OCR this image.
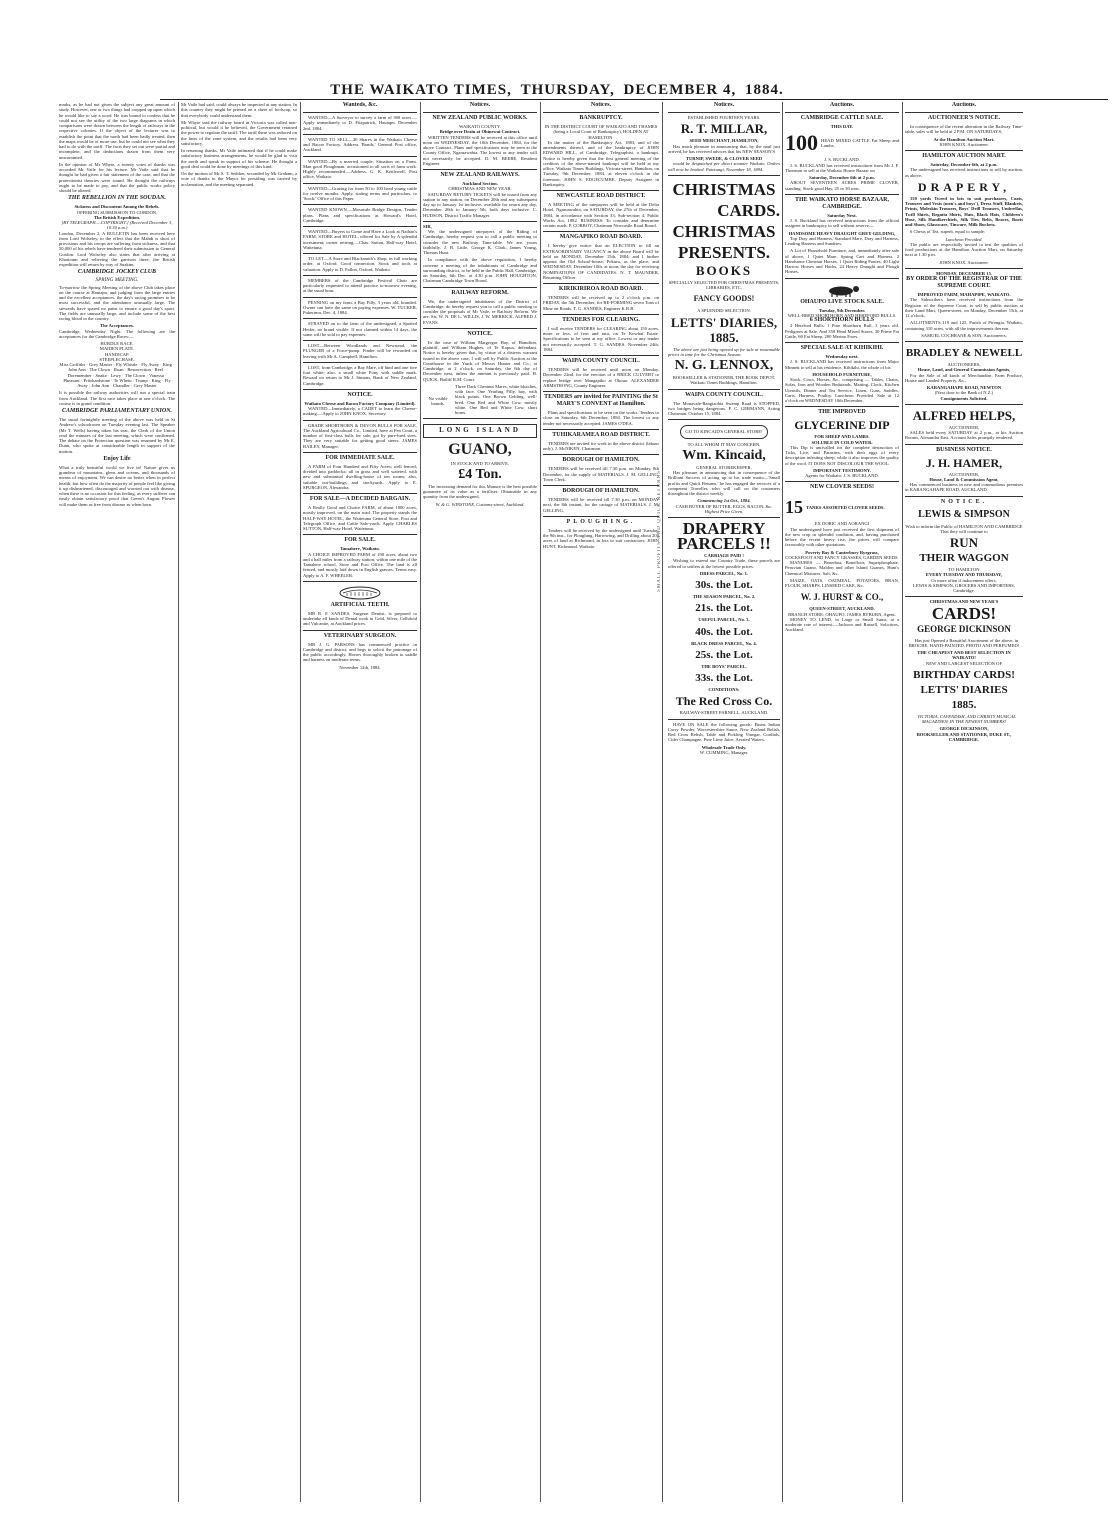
THE WAIKATO TIMES, THURSDAY, DECEMBER 4, 1884.

marks, as he had not given the subject any great amount of study. However, one or two things had cropped up upon which he would like to say a word. He was bound to confess that he could not see the utility of the two large diagrams in which comparisons were drawn between the length of railways in the respective colonies. If the object of the lecturer was to establish the point that the north had been badly treated, then the maps would be of more use, but he could not see what they had to do with the tariff. The facts they set out were partial and incomplete, and the deductions drawn from them very unwarranted.

In the opinion of Mr Whyte, a twenty votes of thanks was accorded Mr Vaile for his lecture. Mr Vaile said that he thought he had given a fair statement of the case, and that the protectionist theories were sound. He thought the railways ought to be made to pay, and that the public works policy should be altered.

THE REBELLION IN THE SOUDAN.
Sickness and Discontent Among the Rebels.
OFFERING SUBMISSION TO GORDON.
The British Expedition.
[BY TELEGRAPH.—COPYRIGHT.] (Received December 3, 10.30 a.m.)

London, December 2. A BULLETIN has been received here from Lord Wolseley, to the effect that the Mahdi is short of provisions and his troops are suffering from sickness, and that 50,000 of his rebels have tendered their submission to General Gordon. Lord Wolseley also states that after arriving at Khartoum and relieving the garrison there, the British expedition will return by way of Suakim.

CAMBRIDGE JOCKEY CLUB
SPRING MEETING.

To-morrow the Spring Meeting of the above Club takes place on the course at Hautapu, and judging from the large entries and the excellent acceptances, the day's racing promises to be most successful, and the attendance unusually large. The stewards have spared no pains to ensure a good day's sport. The fields are unusually large, and include some of the best racing blood in the country.

The Acceptances.

Cambridge, Wednesday Night. The following are the acceptances for the Cambridge Races:—

HURDLE RACE.
MAIDEN PLATE.
HANDICAP.
STEEPLECHASE.

Miss Griffiths · Grey Master · Fly Whistle · Fly Away · King · John Ann · The Clown · Roan · Resurrection · Reel · Doremember · Snake · Lewy · The Clown · Vanessa · Pheasant · Pritchardstone · Te Whetu · Trump · King · Fly Away · John Ann · Chandler · Grey Master

It is possible the railway authorities will run a special train from Auckland. The first race takes place at one o'clock. The course is in grand condition.

CAMBRIDGE PARLIAMENTARY UNION.

The usual fortnightly meeting of the above was held in St Andrew's schoolroom on Tuesday evening last. The Speaker (Mr T. Wells) having taken his seat, the Clerk of the Union read the minutes of the last meeting, which were confirmed. The debate on the Protection question was resumed by Mr E. Dunn, who spoke at considerable length in support of the motion.

Enjoy Life

What a truly beautiful world we live in! Nature gives us grandeur of mountains, glens and oceans, and thousands of means of enjoyment. We can desire no better when in perfect health; but how often do the majority of people feel like giving it up disheartened, discouraged and worried out with disease, when there is no occasion for this feeling, as every sufferer can easily obtain satisfactory proof that Green's August Flower will make them as free from disease as when born.

Mr Vaile had said, could always be inspected at any station. In this country they might be printed on a sheet of foolscap, so that everybody could understand them.

Mr Whyte said the railway board in Victoria was called non-political, but would it be believed, the Government retained the power to regulate the tariff. The tariff there was reduced on the lines of the zone system, and the results had been very satisfactory.

In returning thanks, Mr Vaile intimated that if he could make satisfactory business arrangements, he would be glad to visit the north and speak in support of his scheme. He thought a good deal could be done by meetings of this kind.

On the motion of Mr S. T. Seddon, seconded by Mr Graham, a vote of thanks to the Mayor for presiding was carried by acclamation, and the meeting separated.

Wanteds, &c.

WANTED—A Surveyor to survey a farm of 300 acres.—Apply immediately to D. Fitzpatrick, Hautapu. December 2nd, 1884.

WANTED TO SELL—30 Shares in the Waikato Cheese and Bacon Factory. Address 'Bonds,' General Post office, Auckland.

WANTED—By a married couple, Situation on a Farm. Man good Ploughman, accustomed to all sorts of farm work. Highly recommended.—Address, G. K. Kettlewell, Post office, Waikato.

WANTED—Grazing for from 50 to 100 head young cattle for twelve months. Apply, stating terms and particulars, to 'Stock,' Office of this Paper.

WANTED KNOWN.—Mosavale Bridge Designs. Tender plans. Plans and specifications at Howard's Hotel, Cambridge.

WANTED—Buyers to Come and Have a Look at Nathan's FARM, STORE and HOTEL, offered for Sale by A splendid investment; owner retiring.—Chas. Sutton, Half-way Hotel, Waitetuna.

TO LET—A Store and Blacksmith's Shop, in full working order, at Oxford. Good connection. Stock and tools at valuation. Apply to D. Fallon, Oxford, Waikato.

MEMBERS of the Cambridge Festival Choir are particularly requested to attend practice to-morrow evening, at the usual hour.

PENNING on my farm, a Bay Filly, 3 years old, branded. Owner can have the same on paying expenses. W. TUCKER, Pukerimu, Dec. 4, 1884.

STRAYED on to the farm of the undersigned, a Spotted Heifer, no brand visible. If not claimed within 14 days, the same will be sold to pay expenses.

LOST—Between Woodlands and Newstead, the PLUNGER of a Force-pump. Finder will be rewarded on leaving with Mr A. Campbell, Hamilton.

LOST, from Cambridge, a Bay Mare, off hind and one fore foot white; also, a small white Pony with saddle mark. Reward on return to Mr J. Simons, Bank of New Zealand, Cambridge.

NOTICE.
Waikato Cheese and Bacon Factory Company (Limited).

WANTED—Immediately, a CADET to learn the Cheese-making.—Apply to JOHN KNOX, Secretary.

GRADE SHORTHORN & DEVON BULLS FOR SALE. The Auckland Agricultural Co., Limited, have at Fen Court, a number of first-class bulls for sale, got by pure-bred sires. They are very suitable for getting good steers. JAMES BAILEY, Manager.

FOR IMMEDIATE SALE.

A FARM of Four Hundred and Fifty Acres; well fenced; divided into paddocks; all in grass and well watered, with new and substantial dwelling-house of ten rooms; also, suitable out-buildings and stockyards. Apply to E. SPURGEON, Alexandra.

FOR SALE—A DECIDED BARGAIN.

A Really Good and Choice FARM, of about 1000 acres, mostly improved, on the main road. The property stands the HALF-WAY HOTEL, the Waitetuna General Store, Post and Telegraph Office, and Cattle Sale-yards. Apply CHARLES SUTTON, Half-way Hotel, Waitetuna.

FOR SALE.
Tamahere, Waikato.

A CHOICE IMPROVED FARM of 190 acres, about two and a half miles from a railway station, within one mile of the Tamahere school, Store and Post Office. The land is all fenced, and mostly laid down in English grasses. Terms easy. Apply to A. F. WHEELER.

ARTIFICIAL TEETH.

MR R. F. SANDES, Surgeon Dentist, is prepared to undertake all kinds of Dental work in Gold, Silver, Celluloid and Vulcanite, at Auckland prices.

VETERINARY SURGEON.

MR J. G. PARSONS has commenced practice in Cambridge and district, and begs to solicit the patronage of the public accordingly. Horses thoroughly broken to saddle and harness on moderate terms.

November 12th, 1884.
Notices.
NEW ZEALAND PUBLIC WORKS.
WAIKATO COUNTY.
Bridge over Drain at Ohinewai Contract.

WRITTEN TENDERS will be received at this office until noon on WEDNESDAY, the 10th December, 1884, for the above Contract. Plans and specifications may be seen at the County Office, Ngaruawahia. The lowest or any tender will not necessarily be accepted. D. M. BEERE, Resident Engineer.

NEW ZEALAND RAILWAYS.
Auckland Section.
CHRISTMAS AND NEW YEAR.

SATURDAY RETURN TICKETS will be issued from any station to any station, on December 20th and any subsequent day up to January 1st inclusive, available for return any day, December 26th to January 5th, both days inclusive. C. HUDSON, District Traffic Manager.

SIR,

We, the undersigned ratepayers of the Riding of Cambridge, hereby request you to call a public meeting to consider the new Railway Time-table. We are, yours faithfully. J. B. Little, George K. Clark, James Young, Thomas Hunt.

In compliance with the above requisition, I hereby convene a meeting of the inhabitants of Cambridge and surrounding district, to be held in the Public Hall, Cambridge, on Saturday, 6th Dec. at 4.30 p.m. JOHN HOUGHTON, Chairman Cambridge Town Board.

RAILWAY REFORM.

We, the undersigned inhabitants of the District of Cambridge, do hereby request you to call a public meeting to consider the proposals of Mr Vaile, re Railway Reform. We are, Sir, W. N. DE L. WILLIS, J. W. MERRICK, ALFRED J. EVANS.

NOTICE.

In the case of William Margregor Hay, of Hamilton, plaintiff, and William Hughes, of Te Kopua, defendant. Notice is hereby given that, by virtue of a distress warrant issued in the above case, I will sell by Public Auction at the Courthouse in the Yards of Messrs Hunter and Co., at Cambridge, at 2 o'clock, on Saturday, the 6th day of December next, unless the amount is previously paid. H. QUICK, Bailiff R.M. Court.

No visible brands.
Three Dark Chestnut Mares, white blotches, with face. One Yearling Filly, bay, with black points. One Brown Gelding, well-bred. One Red and White Cow, mostly white. One Red and White Cow; short horns.
LONG ISLAND
GUANO,
IN STOCK AND TO ARRIVE.
£4 Ton.

The increasing demand for this Manure is the best possible guarantee of its value as a fertiliser. Obtainable in any quantity from the undersigned,

W. & G. WINSTONE, Customs-street, Auckland.
Notices.
BANKRUPTCY.
IN THE DISTRICT COURT OF WAIKATO AND THAMES (being a Local Court of Bankruptcy), HOLDEN AT HAMILTON.

In the matter of the Bankruptcy Act, 1883, and of the amendments thereof, and of the bankruptcy of JOHN EDWARD HILL, of Cambridge, Telegraphist, a bankrupt. Notice is hereby given that the first general meeting of the creditors of the above-named bankrupt will be held at my office, Waikato Times Buildings, Victoria-street, Hamilton, on Tuesday, 9th December, 1884, at eleven o'clock in the forenoon. JOHN S. EDGECUMBE, Deputy Assignee in Bankruptcy.

NEWCASTLE ROAD DISTRICT.

A MEETING of the ratepayers will be held at the Delta Hotel, Ngaruawahia, on SATURDAY, the 27th of December, 1884, in accordance with Section 33, Sub-section 4, Public Works Act, 1882. BUSINESS: To consider and determine certain roads. P. CORBOY, Chairman Newcastle Road Board.

MANGAPIKO ROAD BOARD.

I hereby give notice that an ELECTION to fill an EXTRAORDINARY VACANCY in the above Board will be held on MONDAY, December 15th, 1884; and I further appoint the Old School-house, Pokuru, as the place, and WEDNESDAY, December 10th, at noon, the day for receiving NOMINATIONS OF CANDIDATES. N. T. MAUNDER, Returning Officer.

KIRIKIRIROA ROAD BOARD.

TENDERS will be received up to 2 o'clock p.m. on FRIDAY, the 5th December, for RE-FORMING seven Tons of Mine on Roads. T. G. SANDES, Engineer K.R.B.

TENDERS FOR CLEARING.

I will receive TENDERS for CLEARING about 150 acres, more or less, of fern and tutu, on Te Kowhai Estate. Specifications to be seen at my office. Lowest or any tender not necessarily accepted. T. G. SANDES. November 24th, 1884.

WAIPA COUNTY COUNCIL.

TENDERS will be received until noon on Monday, December 22nd, for the erection of a BRICK CULVERT to replace bridge over Mangapiko at Okouo. ALEXANDER ARMSTRONG, County Engineer.

TENDERS are invited for PAINTING the St MARY'S CONVENT at Hamilton.

Plans and specifications to be seen on the works. Tenders to close on Saturday, 6th December, 1884. The lowest or any tender not necessarily accepted. JAMES O'DEA.

TUHIKARAMEA ROAD DISTRICT.

TENDERS are invited for work in the above district (labour only). J. McNIKEN, Chairman.

BOROUGH OF HAMILTON.

TENDERS will be received till 7.30 p.m. on Monday, 8th December, for the supply of MATERIALS. J. M. GELLING, Town Clerk.

BOROUGH OF HAMILTON.

TENDERS will be received till 7.30 p.m. on MONDAY next, the 8th instant, for the cartage of MATERIALS. J. M. GELLING.

PLOUGHING.

Tenders will be received by the undersigned until Tuesday, the 9th inst., for Ploughing, Harrowing, and Drilling about 200 acres of land at Richmond, in lots to suit contractors. JOHN HUNT, Richmond, Waikato.

Notices.
ESTABLISHED FOURTEEN YEARS.
R. T. MILLAR,
SEED MERCHANT, HAMILTON,

Has much pleasure in announcing that, by the mail just arrived, he has received advices that his NEW SEASON'S

TURNIP, SWEDE, & CLOVER SEED

would be despatched per direct steamer Waikato. Orders will now be booked. Patetangi, November 18, 1884.

CHRISTMAS
CARDS.
CHRISTMAS
PRESENTS.
BOOKS
SPECIALLY SELECTED FOR CHRISTMAS PRESENTS, LIBRARIES, ETC.
FANCY GOODS!
A SPLENDID SELECTION.
LETTS' DIARIES,
1885.

The above are just being opened up for sale at reasonable prices in time for the Christmas Season.

N. G. LENNOX,
BOOKSELLER & STATIONER, THE BOOK DEPOT, Waikato Times Buildings, Hamilton.
WAIPA COUNTY COUNCIL.

The Monavale-Rangiaohia Swamp Road is STOPPED, two bridges being dangerous. F. C. GERMANN, Acting Chairman. October 15, 1884.

GO TO KINCAID'S GENERAL STORE!
TO ALL WHOM IT MAY CONCERN.
Wm. Kincaid,
GENERAL STOREKEEPER,

Has pleasure in announcing that in consequence of the Brilliant Success of acting up to his trade motto—'Small profits and Quick Returns,' he has engaged the services of a competent Traveller, who will call on the customers throughout the district weekly.

Commencing 1st Oct., 1884.
CASH BUYER OF BUTTER, EGGS, BACON, &c.
Highest Price Given.
DRAPERY
PARCELS !!
CARRIAGE PAID !

Wishing to extend our Country Trade, these parcels are offered to settlers at the lowest possible prices.

DRESS PARCEL, No. 1.
30s. the Lot.
THE SEASON PARCEL, No. 2.
21s. the Lot.
USEFUL PARCEL, No. 3.
40s. the Lot.
BLACK DRESS PARCEL, No. 4.
25s. the Lot.
THE BOYS' PARCEL.
33s. the Lot.
CONDITIONS:
The Red Cross Co.
RAILWAY-STREET PARNELL, AUCKLAND.

HAVE ON SALE the following goods: Finest Indian Curry Powder, Worcestershire Sauce, New Zealand Relish, Red Cross Relish, Table and Pickling Vinegar, Cordials, Cider Champagne, Pure Lime Juice, Aerated Waters.

Wholesale Trade Only.
W. CUMMING, Manager.
SMALL PROFITS AND QUICK RETURNS
Auctions.
CAMBRIDGE CATTLE SALE.
THIS DAY.
100 HEAD MIXED CATTLE Fat Sheep and Lambs.
J. S. BUCKLAND.

J. S. BUCKLAND has received instructions from Mr J. F. Thomson to sell at the Waikato House Bazaar on

Saturday, December 6th at 2 p.m.

ABOUT SEVENTEEN ACRES PRIME CLOVER, standing. Stock good Hay, 25 or 30 tons.

THE WAIKATO HORSE BAZAAR, CAMBRIDGE.
Saturday Next.

J. S. Buckland has received instructions from the official assignee in bankruptcy to sell without reserve—

HANDSOME HEAVY DRAUGHT GREY GELDING,

Top Dray and Harness, Standard Mare, Dray and Harness, Leading Harness and Sundries.

A Lot of Household Furniture, and, immediately after sale of above, 1 Quiet Mare, Spring Cart and Harness. 2 Handsome Chestnut Horses, 1 Quiet Riding Ponies, 40 Light Harrow Horses and Hacks, 24 Heavy Draught and Plough Horses.

OHAUPO LIVE STOCK SALE.
Tuesday, 9th December.
WELL-BRED SHORTHORN AND HEREFORD BULLS.
6 SHORTHORN BULLS

2 Hereford Bulls. 1 Pure Shorthorn Bull, 3 years old. Pedigrees at Sale. And 350 Head Mixed Stores, 30 Prime Fat Cattle, 60 Fat Sheep, 200 Merino Ewes.

SPECIAL SALE AT KIHIKIHI.
Wednesday next.

J. S. BUCKLAND has received instructions from Major Minnett to sell at his residence, Kihikihi, the whole of his

HOUSEHOLD FURNITURE,

Stock, Cows, Horses, &c., comprising — Tables, Chairs, Sofas, Iron and Wooden Bedsteads, Matting, Clock, Kitchen Utensils, Dinner and Tea Service, Linen, Guns, Saddles, Carts, Harness, Poultry. Luncheon Provided. Sale at 12 o'clock on WEDNESDAY 10th December.

THE IMPROVED
GLYCERINE DIP
FOR SHEEP AND LAMBS.
SOLUBLE IN COLD WATER.

This Dip is unrivalled for the complete destruction of Ticks, Lice, and Parasites, with their eggs of every description infesting sheep, while it also improves the quality of the wool. IT DOES NOT DISCOLOUR THE WOOL.

IMPORTANT TESTIMONY.
Agents for Waikato: J. S. BUCKLAND.
NEW CLOVER SEEDS!
15 TANKS ASSORTED CLOVER SEEDS.
EX DORIC AND AORANGI

The undersigned have just received the first shipment of the new crop in splendid condition, and, having purchased before the recent heavy rise, the prices will compare favourably with other quotations.

Poverty Bay & Canterbury Ryegrass,
COCKSFOOT AND FANCY GRASSES, GARDEN SEEDS.

MANURES — Bonedust, Bonefloor, Superphosphate, Peruvian Guano, Maldon and other Island Guanos, Hunt's Chemical Mixtures, Salt, &c.

MAIZE, OATS, OATMEAL, POTATOES, BRAN, FLOUR, SHARPS, LINSEED CAKE, &c.

W. J. HURST & CO.,
QUEEN-STREET, AUCKLAND.
BRANCH STORE: OHAUPO. JAMES RYBURN, Agent.

MONEY TO LEND, in Large or Small Sums, at a moderate rate of interest.—Jackson and Russell, Solicitors, Auckland.

Auctions.
AUCTIONEER'S NOTICE.

In consequence of the recent alteration in the Railway Time-table, sales will be held at 2 P.M. ON SATURDAYS,

At the Hamilton Auction Mart.
JOHN KNOX, Auctioneer.
HAMILTON AUCTION MART.
Saturday, December 6th, at 2 p.m.

The undersigned has received instructions to sell by auction, as above,

DRAPERY,

150 yards Tweed in lots to suit purchasers, Coats, Trousers and Vests (men's and boys'), Dress Stuff, Blankets, Prints, Moleskin Trousers, Boys' Drill Trousers, Umbrellas, Twill Shirts, Regatta Shirts, Hats, Black Hats, Children's Hose, Silk Handkerchiefs, Silk Ties, Belts, Braces, Boots and Shoes, Glassware, Tinware, Milk Buckets.

6 Chests of Tea, superb, equal to sample.

Luncheon Provided.

The public are respectfully invited to test the qualities of food productions at the Hamilton Auction Mart, on Saturday next at 1.30 p.m.

JOHN KNOX, Auctioneer.
MONDAY, DECEMBER 15.
BY ORDER OF THE REGISTRAR OF THE SUPREME COURT.
IMPROVED FARM, MAHAPIPE, WAIKATO.

The Subscribers have received instructions from the Registrar of the Supreme Court, to sell by public auction at their Land Mart, Queen-street, on Monday, December 15th, at 12 o'clock,

ALLOTMENTS 119 and 125, Parish of Pirongia, Waikato, containing 310 acres, with all the improvements thereon.

SAMUEL COCHRANE & SON, Auctioneers.
BRADLEY & NEWELL
AUCTIONEERS,
House, Land, and General Commission Agents,

For the Sale of all kinds of Merchandise, Farm Produce, House and Landed Property, &c.,

KARANGAHAPE ROAD, NEWTON
(Next door to the Bank of N.Z.)
Consignments Solicited.
ALFRED HELPS,
AUCTIONEER,

SALES held every SATURDAY at 2 p.m., at his Auction Rooms, Alexandra East. Account Sales promptly rendered.

BUSINESS NOTICE.
J. H. HAMER,
AUCTIONEER,
House, Land & Commission Agent,

Has commenced business in new and commodious premises in KARANGAHAPE ROAD, AUCKLAND.

NOTICE.
LEWIS & SIMPSON
Wish to inform the Public of HAMILTON AND CAMBRIDGE That they will continue to
RUN
THEIR WAGGON
TO HAMILTON
EVERY TUESDAY AND THURSDAY,
Or more often if inducement offers.
LEWIS & SIMPSON, GROCERS AND IMPORTERS, Cambridge.
CHRISTMAS AND NEW YEAR'S
CARDS!
GEORGE DICKINSON

Has just Opened a Beautiful Assortment of the above, in BROCHE, HAND-PAINTED, PHOTO AND PERFUMED!

THE CHEAPEST AND BEST SELECTION IN WAIKATO!
NEW AND LARGEST SELECTION OF
BIRTHDAY CARDS!
LETTS' DIARIES
1885.

VICTORIA, CAVENDISH, AND CHRISTY MUSICAL MAGAZINES! IN THE NEWEST NUMBERS!

GEORGE DICKINSON,
BOOKSELLER AND STATIONER, DUKE ST., CAMBRIDGE.
